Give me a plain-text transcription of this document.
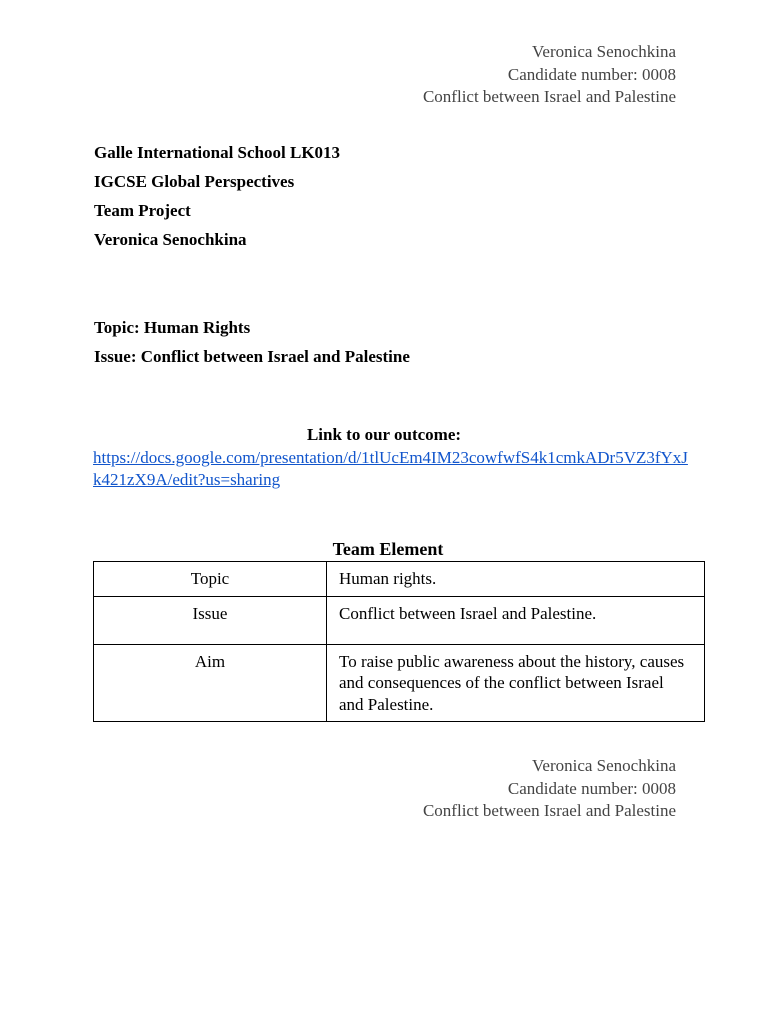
Veronica Senochkina
Candidate number: 0008
Conflict between Israel and Palestine
Galle International School LK013
IGCSE Global Perspectives
Team Project
Veronica Senochkina
Topic: Human Rights
Issue: Conflict between Israel and Palestine
Link to our outcome:
https://docs.google.com/presentation/d/1tlUcEm4IM23cowfwfS4k1cmkADr5VZ3fYxJk421zX9A/edit?us=sharing
Team Element
Topic	Human rights.
Issue	Conflict between Israel and Palestine.
Aim	To raise public awareness about the history, causes and consequences of the conflict between Israel and Palestine.
Veronica Senochkina
Candidate number: 0008
Conflict between Israel and Palestine
